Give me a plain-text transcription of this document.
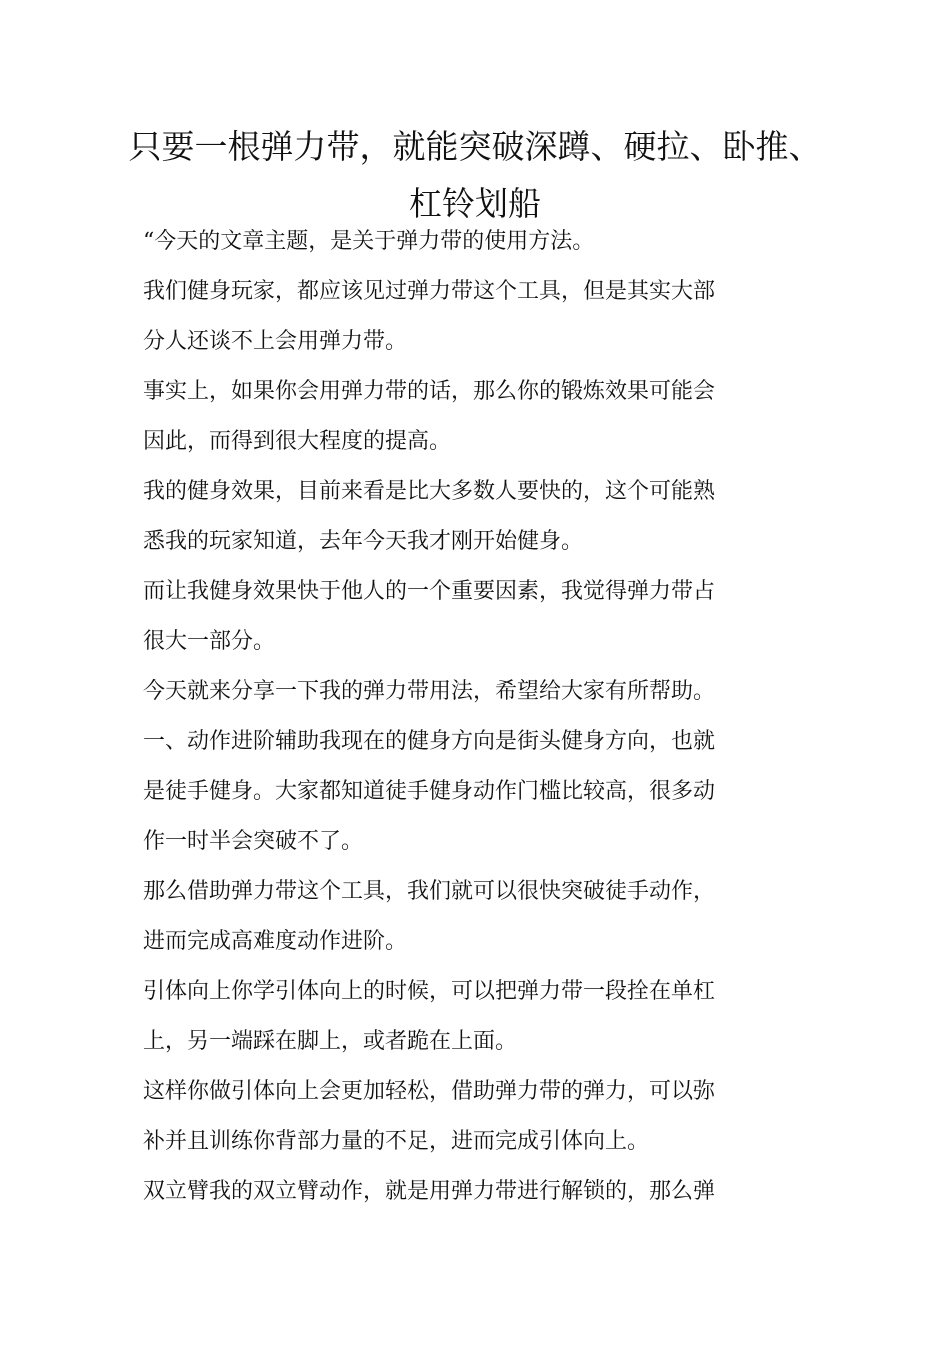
只要一根弹力带，就能突破深蹲、硬拉、卧推、杠铃划船

“今天的文章主题，是关于弹力带的使用方法。

我们健身玩家，都应该见过弹力带这个工具，但是其实大部

分人还谈不上会用弹力带。

事实上，如果你会用弹力带的话，那么你的锻炼效果可能会

因此，而得到很大程度的提高。

我的健身效果，目前来看是比大多数人要快的，这个可能熟

悉我的玩家知道，去年今天我才刚开始健身。

而让我健身效果快于他人的一个重要因素，我觉得弹力带占

很大一部分。

今天就来分享一下我的弹力带用法，希望给大家有所帮助。

一、动作进阶辅助我现在的健身方向是街头健身方向，也就

是徒手健身。大家都知道徒手健身动作门槛比较高，很多动

作一时半会突破不了。

那么借助弹力带这个工具，我们就可以很快突破徒手动作，

进而完成高难度动作进阶。

引体向上你学引体向上的时候，可以把弹力带一段拴在单杠

上，另一端踩在脚上，或者跪在上面。

这样你做引体向上会更加轻松，借助弹力带的弹力，可以弥

补并且训练你背部力量的不足，进而完成引体向上。

双立臂我的双立臂动作，就是用弹力带进行解锁的，那么弹
